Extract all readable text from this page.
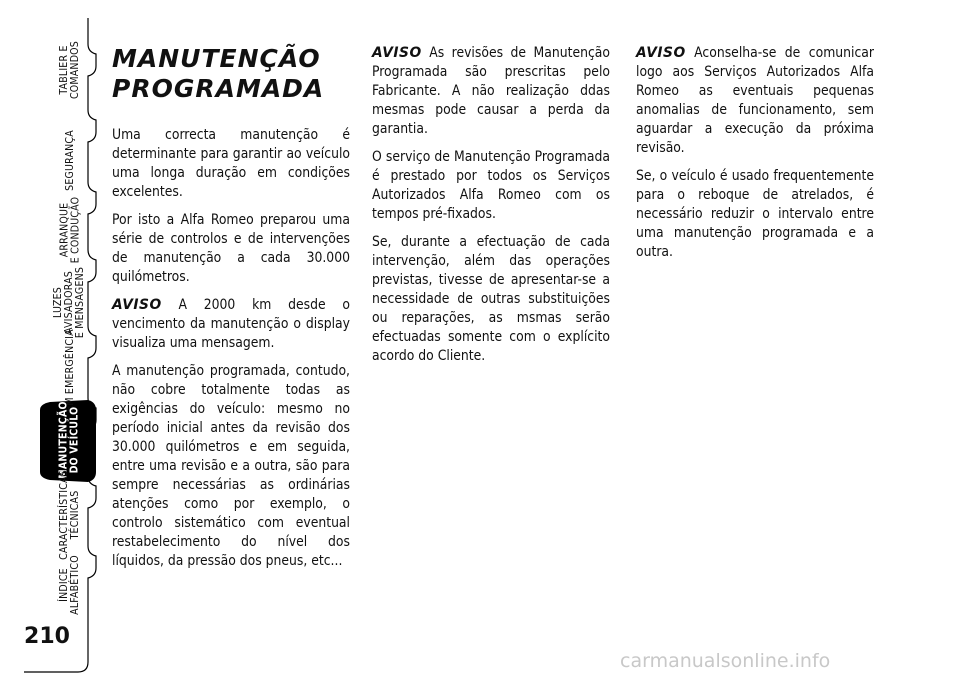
TABLIER E
COMANDOS
SEGURANÇA
ARRANQUE
E CONDUÇÃO
LUZES
AVISADORAS
E MENSAGENS
EM EMERGÊNCIA
MANUTENÇÃO
DO VEÍCULO
CARACTERÍSTICAS
TÉCNICAS
ÍNDICE
ALFABÉTICO
210
MANUTENÇÃO
PROGRAMADA

Uma correcta manutenção é determinante para garantir ao veículo uma longa duração em condições excelentes.

Por isto a Alfa Romeo preparou uma série de controlos e de intervenções de manutenção a cada 30.000 quilómetros.

AVISO A 2000 km desde o vencimento da manutenção o display visualiza uma mensagem.

A manutenção programada, contudo, não cobre totalmente todas as exigências do veículo: mesmo no período inicial antes da revisão dos 30.000 quilómetros e em seguida, entre uma revisão e a outra, são para sempre necessárias as ordinárias atenções como por exemplo, o controlo sistemático com eventual restabelecimento do nível dos líquidos, da pressão dos pneus, etc...

AVISO As revisões de Manutenção Programada são prescritas pelo Fabricante. A não realização ddas mesmas pode causar a perda da garantia.

O serviço de Manutenção Programada é prestado por todos os Serviços Autorizados Alfa Romeo com os tempos pré-fixados.

Se, durante a efectuação de cada intervenção, além das operações previstas, tivesse de apresentar-se a necessidade de outras substituições ou reparações, as msmas serão efectuadas somente com o explícito acordo do Cliente.

AVISO Aconselha-se de comunicar logo aos Serviços Autorizados Alfa Romeo as eventuais pequenas anomalias de funcionamento, sem aguardar a execução da próxima revisão.

Se, o veículo é usado frequentemente para o reboque de atrelados, é necessário reduzir o intervalo entre uma manutenção programada e a outra.

carmanualsonline.info
